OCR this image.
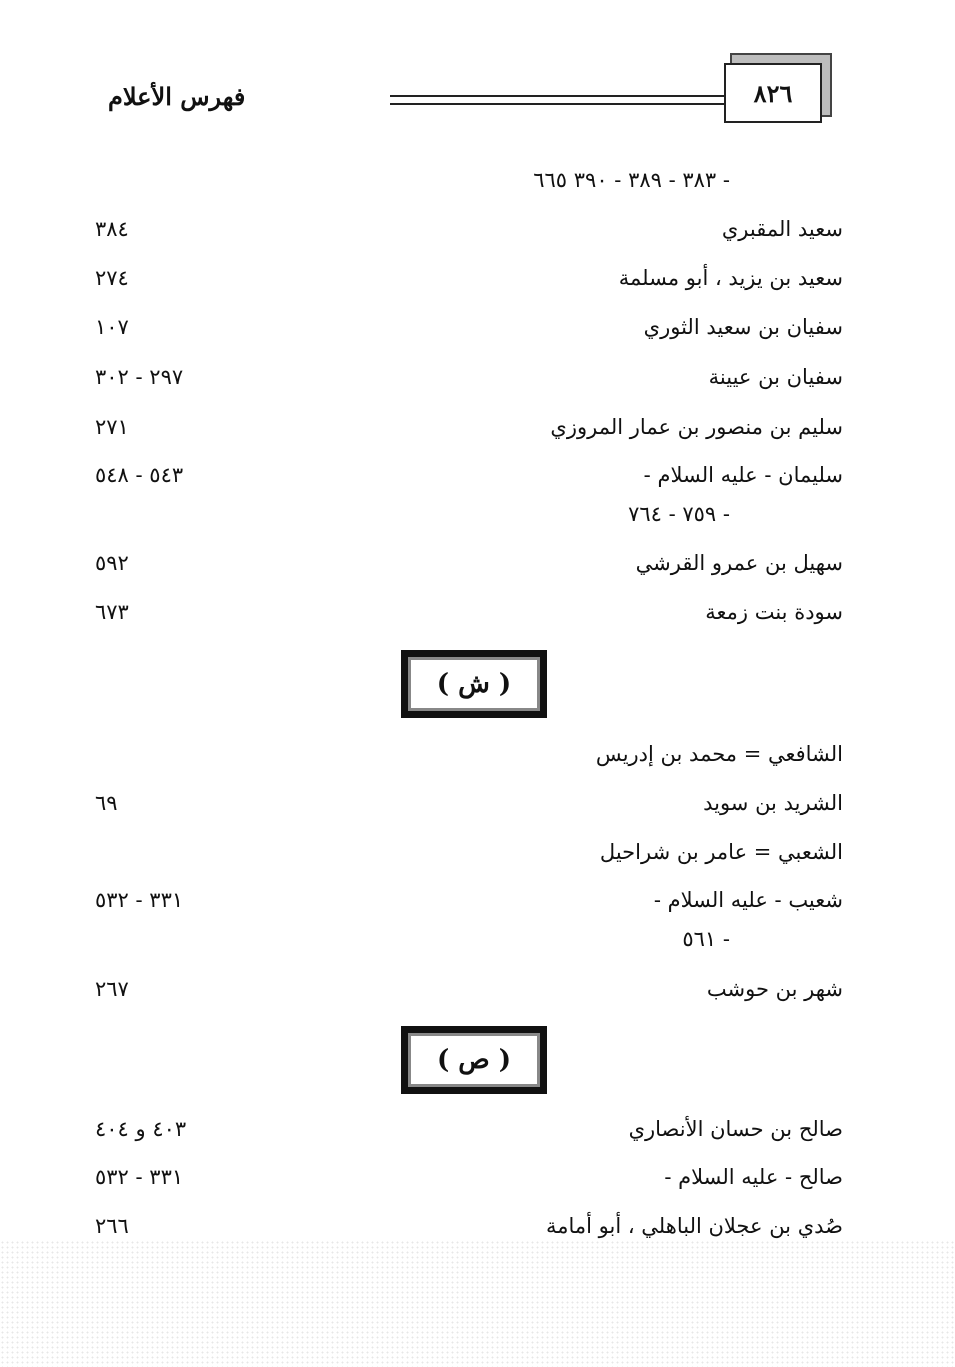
فهرس الأعلام	٨٢٦
- ٣٨٣ - ٣٨٩ - ٣٩٠ ٦٦٥
سعيد المقبري
٣٨٤
سعيد بن يزيد ، أبو مسلمة
٢٧٤
سفيان بن سعيد الثوري
١٠٧
سفيان بن عيينة
٢٩٧ - ٣٠٢
سليم بن منصور بن عمار المروزي
٢٧١
سليمان - عليه السلام -
٥٤٣ - ٥٤٨
- ٧٥٩ - ٧٦٤
سهيل بن عمرو القرشي
٥٩٢
سودة بنت زمعة
٦٧٣
( ش )
الشافعي = محمد بن إدريس
الشريد بن سويد
٦٩
الشعبي = عامر بن شراحيل
شعيب - عليه السلام -
٣٣١ - ٥٣٢
- ٥٦١
شهر بن حوشب
٢٦٧
( ص )
صالح بن حسان الأنصاري
٤٠٣ و ٤٠٤
صالح - عليه السلام -
٣٣١ - ٥٣٢
صُدي بن عجلان الباهلي ، أبو أمامة
٢٦٦
